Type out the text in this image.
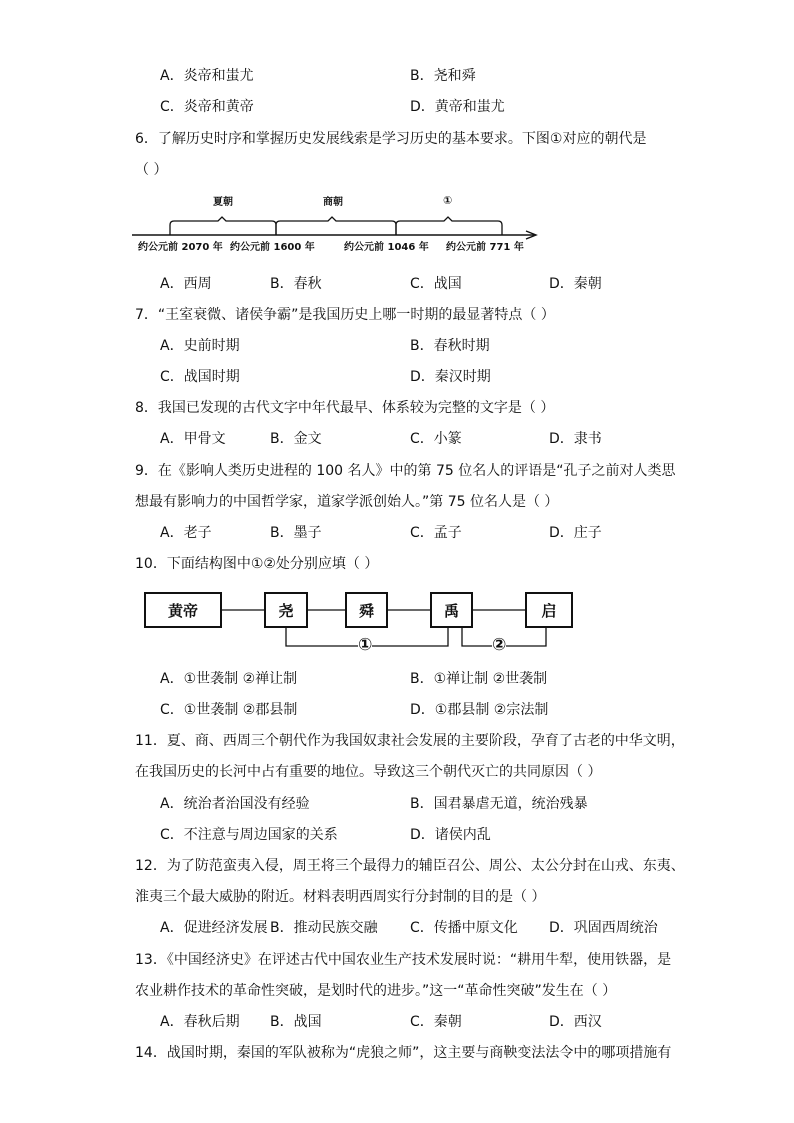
A．炎帝和蚩尤	B．尧和舜
C．炎帝和黄帝	D．黄帝和蚩尤
6．了解历史时序和掌握历史发展线索是学习历史的基本要求。下图①对应的朝代是
（ ）
夏朝	商朝	①
约公元前 2070 年 约公元前 1600 年	约公元前 1046 年 约公元前 771 年
A．西周	B．春秋	C．战国	D．秦朝
7．“王室衰微、诸侯争霸”是我国历史上哪一时期的最显著特点（ ）
A．史前时期	B．春秋时期
C．战国时期	D．秦汉时期
8．我国已发现的古代文字中年代最早、体系较为完整的文字是（ ）
A．甲骨文	B．金文	C．小篆	D．隶书
9．在《影响人类历史进程的 100 名人》中的第 75 位名人的评语是“孔子之前对人类思
想最有影响力的中国哲学家，道家学派创始人。”第 75 位名人是（ ）
A．老子	B．墨子	C．孟子	D．庄子
10．下面结构图中①②处分别应填（ ）
黄帝	尧	舜	禹	启
①	②
A．①世袭制 ②禅让制	B．①禅让制 ②世袭制
C．①世袭制 ②郡县制	D．①郡县制 ②宗法制
11．夏、商、西周三个朝代作为我国奴隶社会发展的主要阶段，孕育了古老的中华文明，
在我国历史的长河中占有重要的地位。导致这三个朝代灭亡的共同原因（ ）
A．统治者治国没有经验	B．国君暴虐无道，统治残暴
C．不注意与周边国家的关系	D．诸侯内乱
12．为了防范蛮夷入侵，周王将三个最得力的辅臣召公、周公、太公分封在山戎、东夷、
淮夷三个最大威胁的附近。材料表明西周实行分封制的目的是（ ）
A．促进经济发展 B．推动民族交融 C．传播中原文化 D．巩固西周统治
13．《中国经济史》在评述古代中国农业生产技术发展时说：“耕用牛犁，使用铁器，是
农业耕作技术的革命性突破，是划时代的进步。”这一“革命性突破”发生在（ ）
A．春秋后期 B．战国	C．秦朝	D．西汉
14．战国时期，秦国的军队被称为“虎狼之师”，这主要与商鞅变法法令中的哪项措施有
